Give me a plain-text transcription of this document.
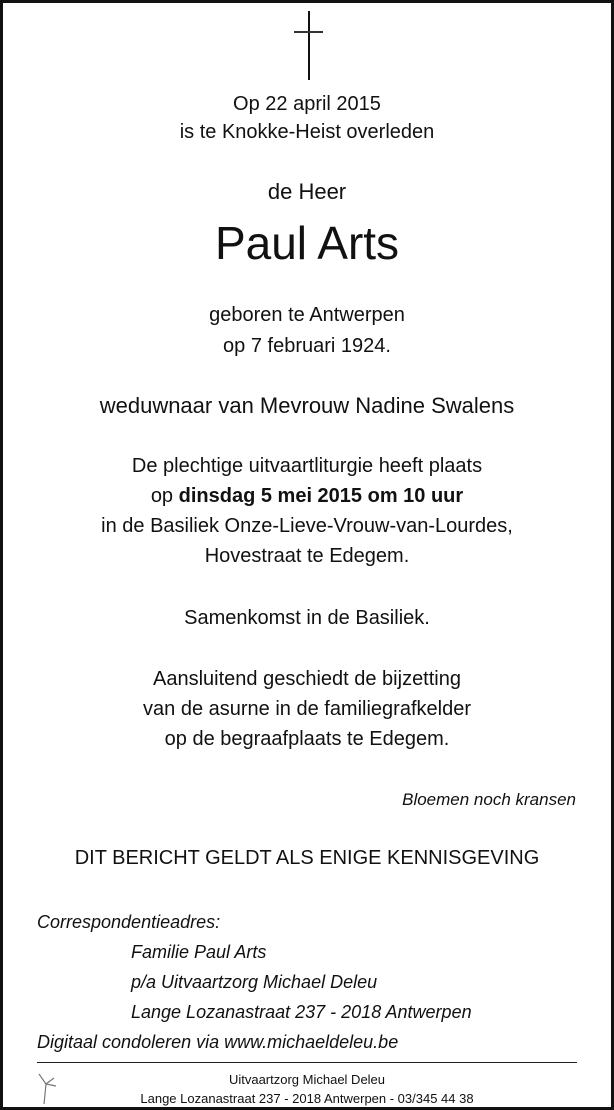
Op 22 april 2015
is te Knokke-Heist overleden
de Heer
Paul Arts
geboren te Antwerpen
op 7 februari 1924.
weduwnaar van Mevrouw Nadine Swalens
De plechtige uitvaartliturgie heeft plaats
op dinsdag 5 mei 2015 om 10 uur
in de Basiliek Onze-Lieve-Vrouw-van-Lourdes,
Hovestraat te Edegem.
Samenkomst in de Basiliek.
Aansluitend geschiedt de bijzetting
van de asurne in de familiegrafkelder
op de begraafplaats te Edegem.
Bloemen noch kransen
DIT BERICHT GELDT ALS ENIGE KENNISGEVING
Correspondentieadres:
Familie Paul Arts
p/a Uitvaartzorg Michael Deleu
Lange Lozanastraat 237 - 2018 Antwerpen
Digitaal condoleren via www.michaeldeleu.be
Uitvaartzorg Michael Deleu
Lange Lozanastraat 237 - 2018 Antwerpen - 03/345 44 38
